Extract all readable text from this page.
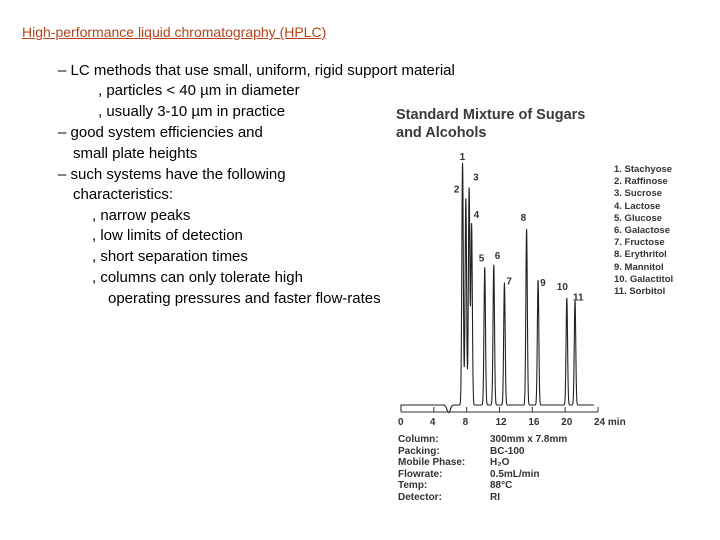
High-performance liquid chromatography (HPLC)
– LC methods that use small, uniform, rigid support material
, particles < 40 µm in diameter
, usually 3-10 µm in practice
– good system efficiencies and
small plate heights
– such systems have the following
characteristics:
, narrow peaks
, low limits of detection
, short separation times
, columns can only tolerate high
operating pressures and faster flow-rates
Standard Mixture of Sugars
and Alcohols
1. Stachyose
2. Raffinose
3. Sucrose
4. Lactose
5. Glucose
6. Galactose
7. Fructose
8. Erythritol
9. Mannitol
10. Galactitol
11. Sorbitol
0	4	8	12 16 20 24 min
1
2
3
4
5 6
7
8
9 10
11
Column:	300mm x 7.8mm
Packing:	BC-100
Mobile Phase: H₂O
Flowrate:	0.5mL/min
Temp:	88°C
Detector:	RI
